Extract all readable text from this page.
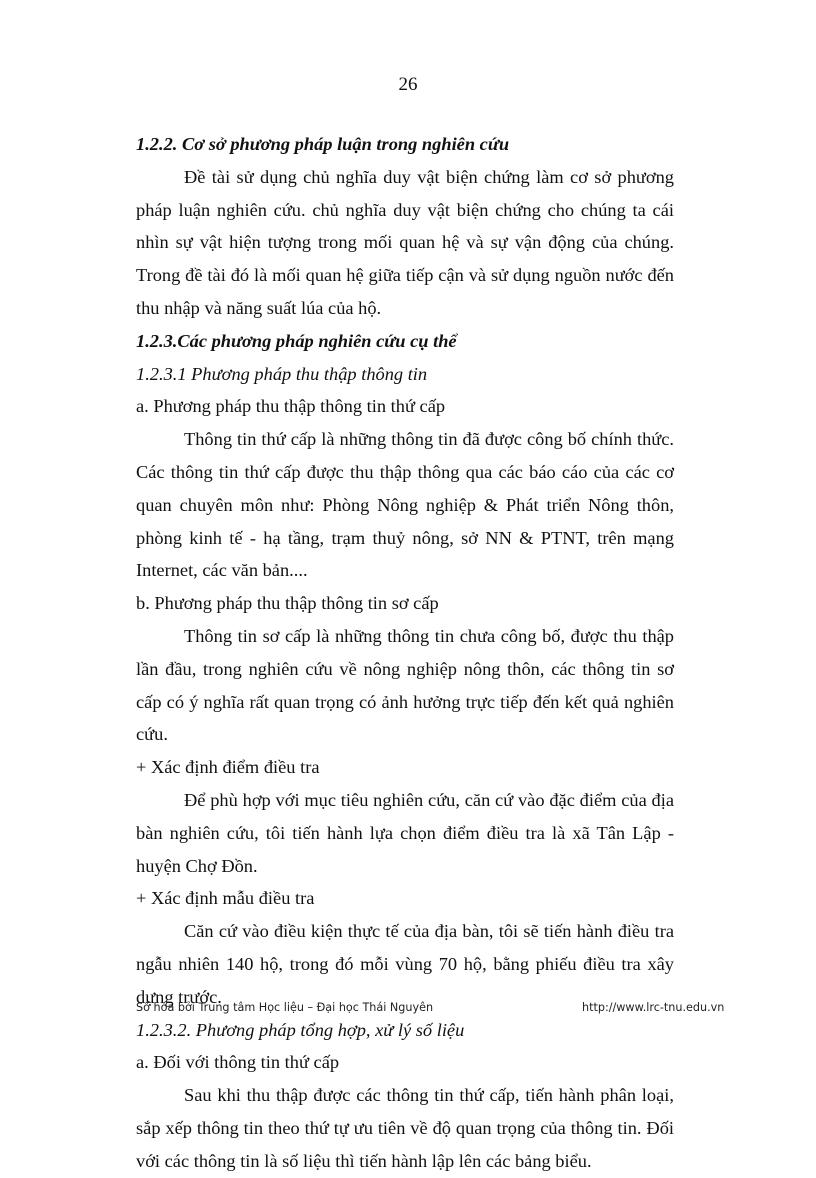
26

1.2.2. Cơ sở phương pháp luận trong nghiên cứu

Đề tài sử dụng chủ nghĩa duy vật biện chứng làm cơ sở phương pháp luận nghiên cứu. chủ nghĩa duy vật biện chứng cho chúng ta cái nhìn sự vật hiện tượng trong mối quan hệ và sự vận động của chúng. Trong đề tài đó là mối quan hệ giữa tiếp cận và sử dụng nguồn nước đến thu nhập và năng suất lúa của hộ.

1.2.3.Các phương pháp nghiên cứu cụ thể

1.2.3.1 Phương pháp thu thập thông tin

a. Phương pháp thu thập thông tin thứ cấp

Thông tin thứ cấp là những thông tin đã được công bố chính thức. Các thông tin thứ cấp được thu thập thông qua các báo cáo của các cơ quan chuyên môn như: Phòng Nông nghiệp & Phát triển Nông thôn, phòng kinh tế - hạ tầng, trạm thuỷ nông, sở NN & PTNT, trên mạng Internet, các văn bản....

b. Phương pháp thu thập thông tin sơ cấp

Thông tin sơ cấp là những thông tin chưa công bố, được thu thập lần đầu, trong nghiên cứu về nông nghiệp nông thôn, các thông tin sơ cấp có ý nghĩa rất quan trọng có ảnh hưởng trực tiếp đến kết quả nghiên cứu.

+ Xác định điểm điều tra

Để phù hợp với mục tiêu nghiên cứu, căn cứ vào đặc điểm của địa bàn nghiên cứu, tôi tiến hành lựa chọn điểm điều tra là xã Tân Lập - huyện Chợ Đồn.

+ Xác định mẫu điều tra

Căn cứ vào điều kiện thực tế của địa bàn, tôi sẽ tiến hành điều tra ngẫu nhiên 140 hộ, trong đó mỗi vùng 70 hộ, bằng phiếu điều tra xây dựng trước.

1.2.3.2. Phương pháp tổng hợp, xử lý số liệu

a. Đối với thông tin thứ cấp

Sau khi thu thập được các thông tin thứ cấp, tiến hành phân loại, sắp xếp thông tin theo thứ tự ưu tiên về độ quan trọng của thông tin. Đối với các thông tin là số liệu thì tiến hành lập lên các bảng biểu.

Số hóa bởi Trung tâm Học liệu – Đại học Thái Nguyên	http://www.lrc-tnu.edu.vn
